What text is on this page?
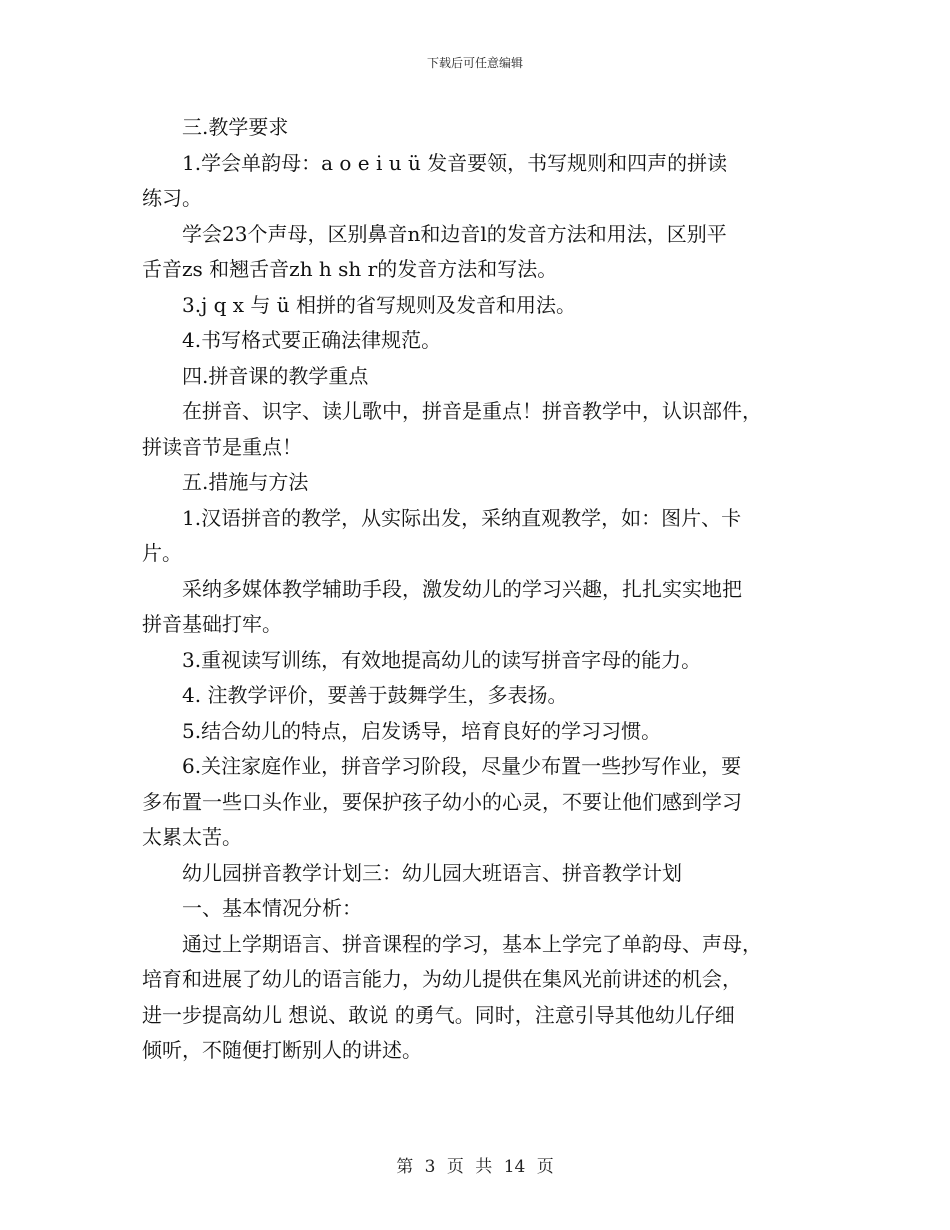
下载后可任意编辑

　　三.教学要求

　　1.学会单韵母：a o e i u ü 发音要领，书写规则和四声的拼读

练习。

　　学会23个声母，区别鼻音n和边音l的发音方法和用法，区别平

舌音zs 和翘舌音zh h sh r的发音方法和写法。

　　3.j q x 与 ü 相拼的省写规则及发音和用法。

　　4.书写格式要正确法律规范。

　　四.拼音课的教学重点

　　在拼音、识字、读儿歌中，拼音是重点！拼音教学中，认识部件，

拼读音节是重点！

　　五.措施与方法

　　1.汉语拼音的教学，从实际出发，采纳直观教学，如：图片、卡

片。

　　采纳多媒体教学辅助手段，激发幼儿的学习兴趣，扎扎实实地把

拼音基础打牢。

　　3.重视读写训练，有效地提高幼儿的读写拼音字母的能力。

　　4. 注教学评价，要善于鼓舞学生，多表扬。

　　5.结合幼儿的特点，启发诱导，培育良好的学习习惯。

　　6.关注家庭作业，拼音学习阶段，尽量少布置一些抄写作业，要

多布置一些口头作业，要保护孩子幼小的心灵，不要让他们感到学习

太累太苦。

　　幼儿园拼音教学计划三：幼儿园大班语言、拼音教学计划

　　一、基本情况分析：

　　通过上学期语言、拼音课程的学习，基本上学完了单韵母、声母，

培育和进展了幼儿的语言能力，为幼儿提供在集风光前讲述的机会，

进一步提高幼儿 想说、敢说 的勇气。同时，注意引导其他幼儿仔细

倾听，不随便打断别人的讲述。

第 3 页 共 14 页
